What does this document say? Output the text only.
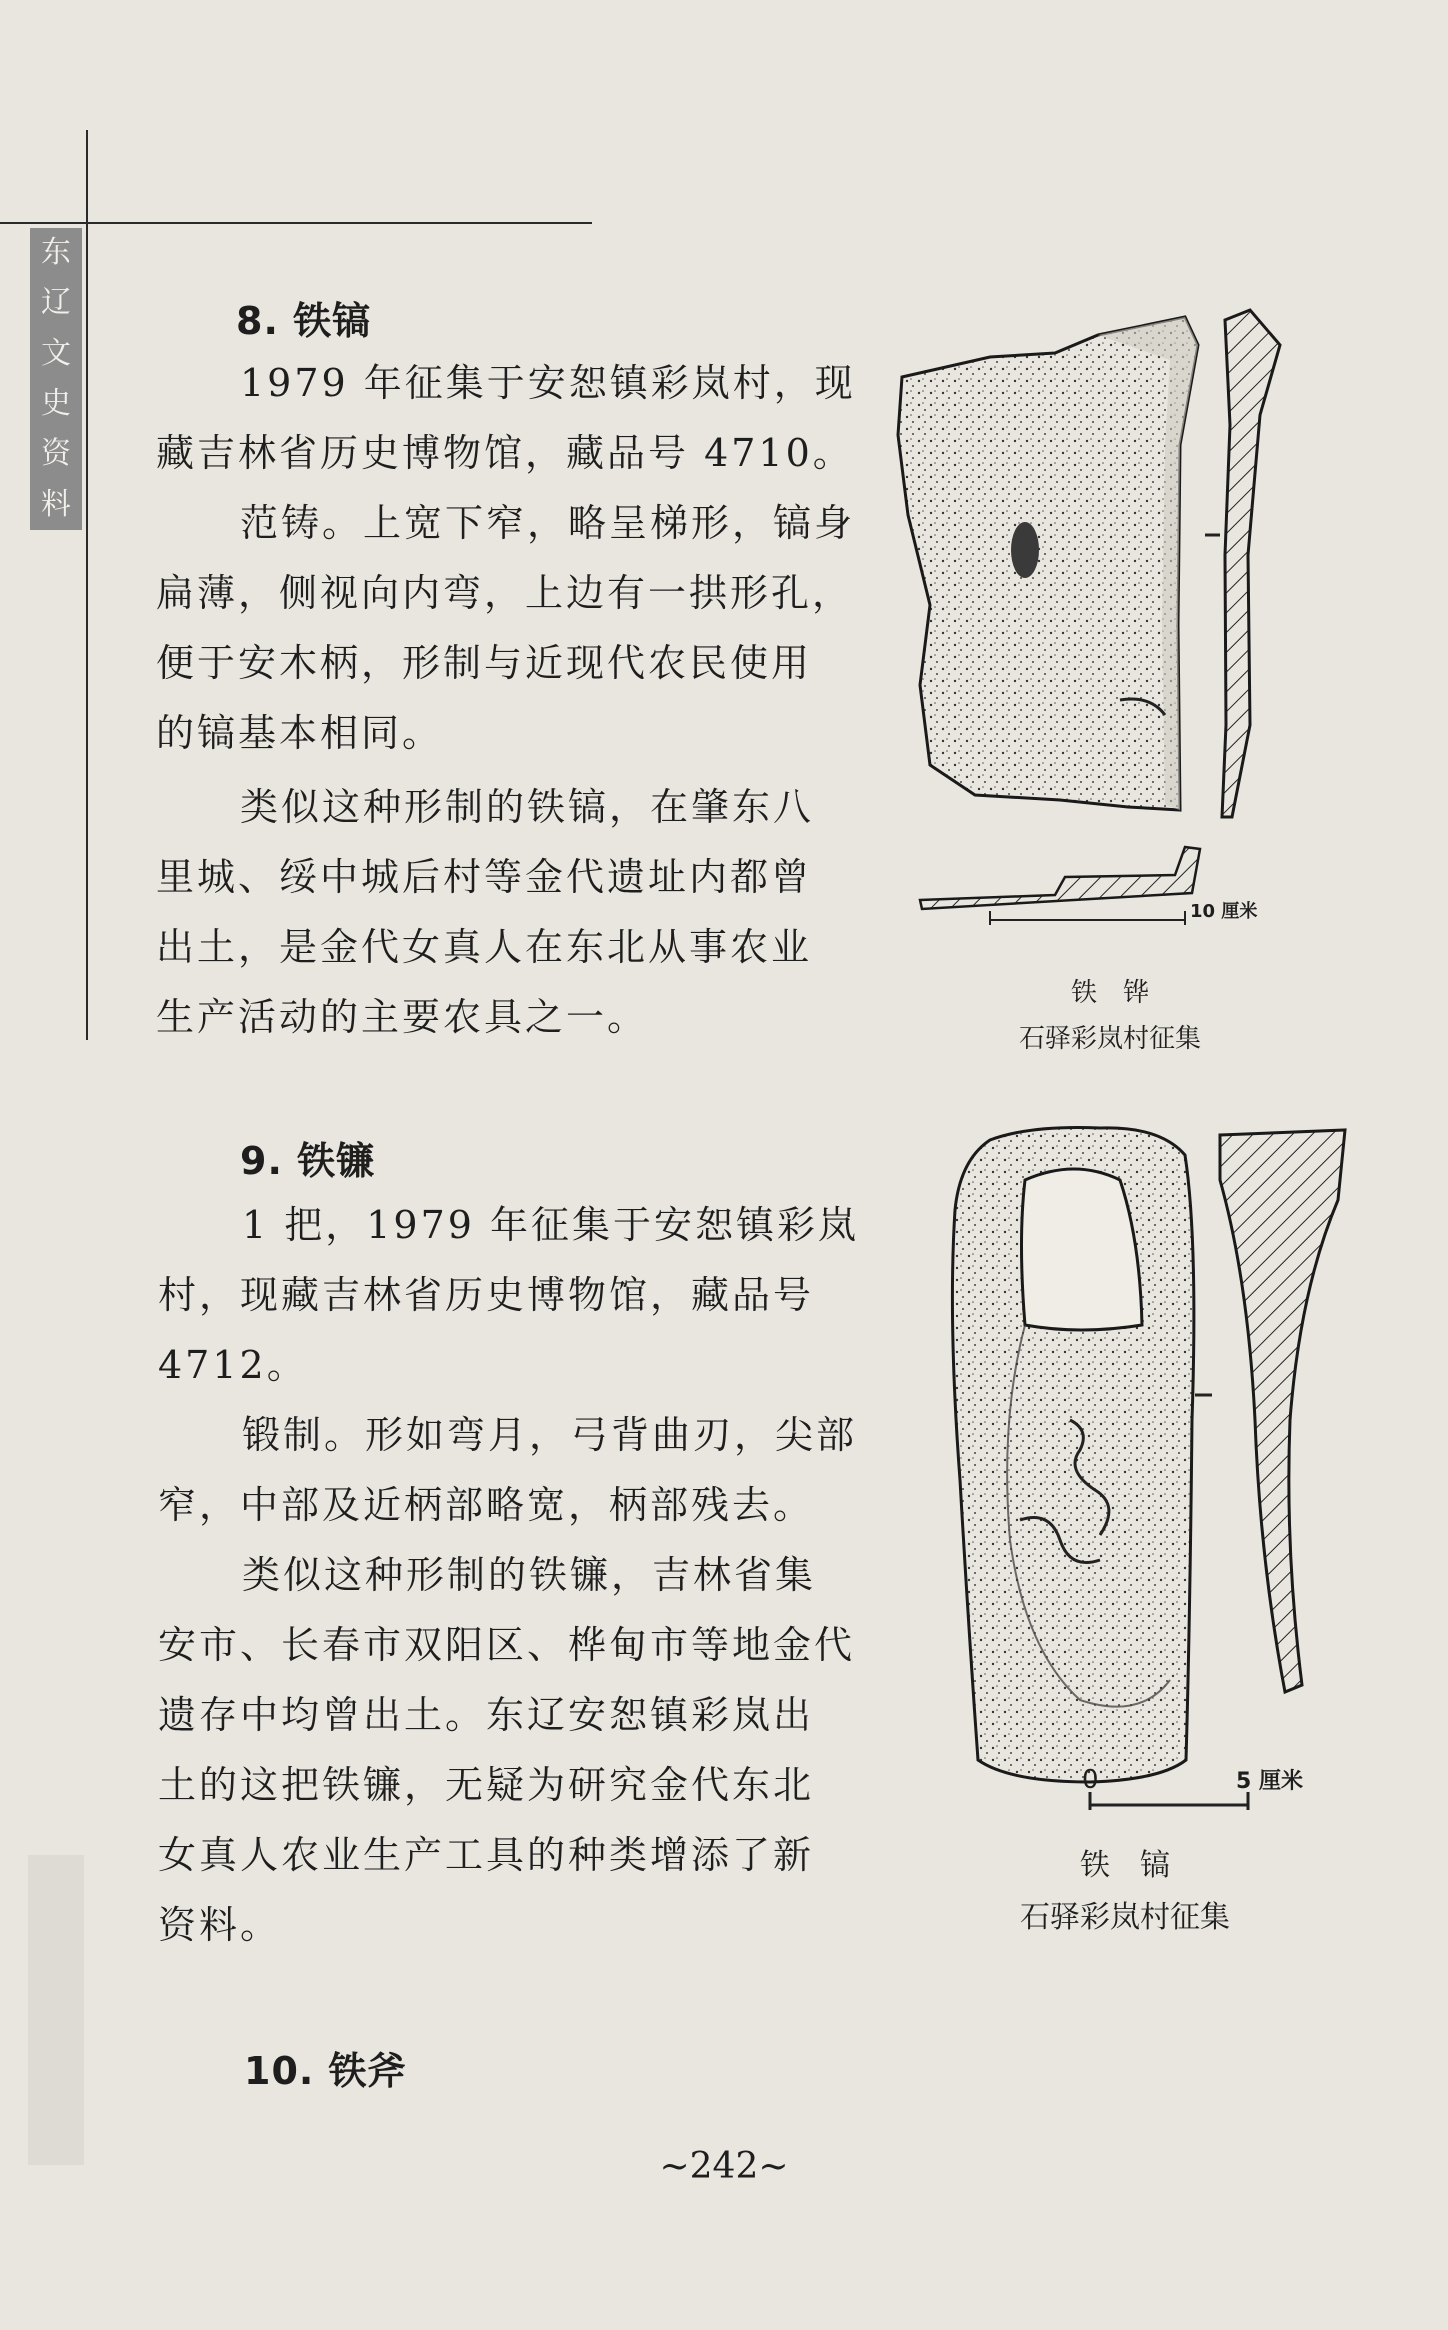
东
辽
文
史
资
料
8. 铁镐
1979 年征集于安恕镇彩岚村，现
藏吉林省历史博物馆，藏品号 4710。
范铸。上宽下窄，略呈梯形，镐身
扁薄，侧视向内弯，上边有一拱形孔，
便于安木柄，形制与近现代农民使用
的镐基本相同。
类似这种形制的铁镐，在肇东八
里城、绥中城后村等金代遗址内都曾
出土，是金代女真人在东北从事农业
生产活动的主要农具之一。
10 厘米
铁　铧
石驿彩岚村征集
9. 铁镰
1 把，1979 年征集于安恕镇彩岚
村，现藏吉林省历史博物馆，藏品号
4712。
锻制。形如弯月，弓背曲刃，尖部
窄，中部及近柄部略宽，柄部残去。
类似这种形制的铁镰，吉林省集
安市、长春市双阳区、桦甸市等地金代
遗存中均曾出土。东辽安恕镇彩岚出
土的这把铁镰，无疑为研究金代东北
女真人农业生产工具的种类增添了新
资料。
0	5 厘米
铁　镐
石驿彩岚村征集
10. 铁斧
~242~
